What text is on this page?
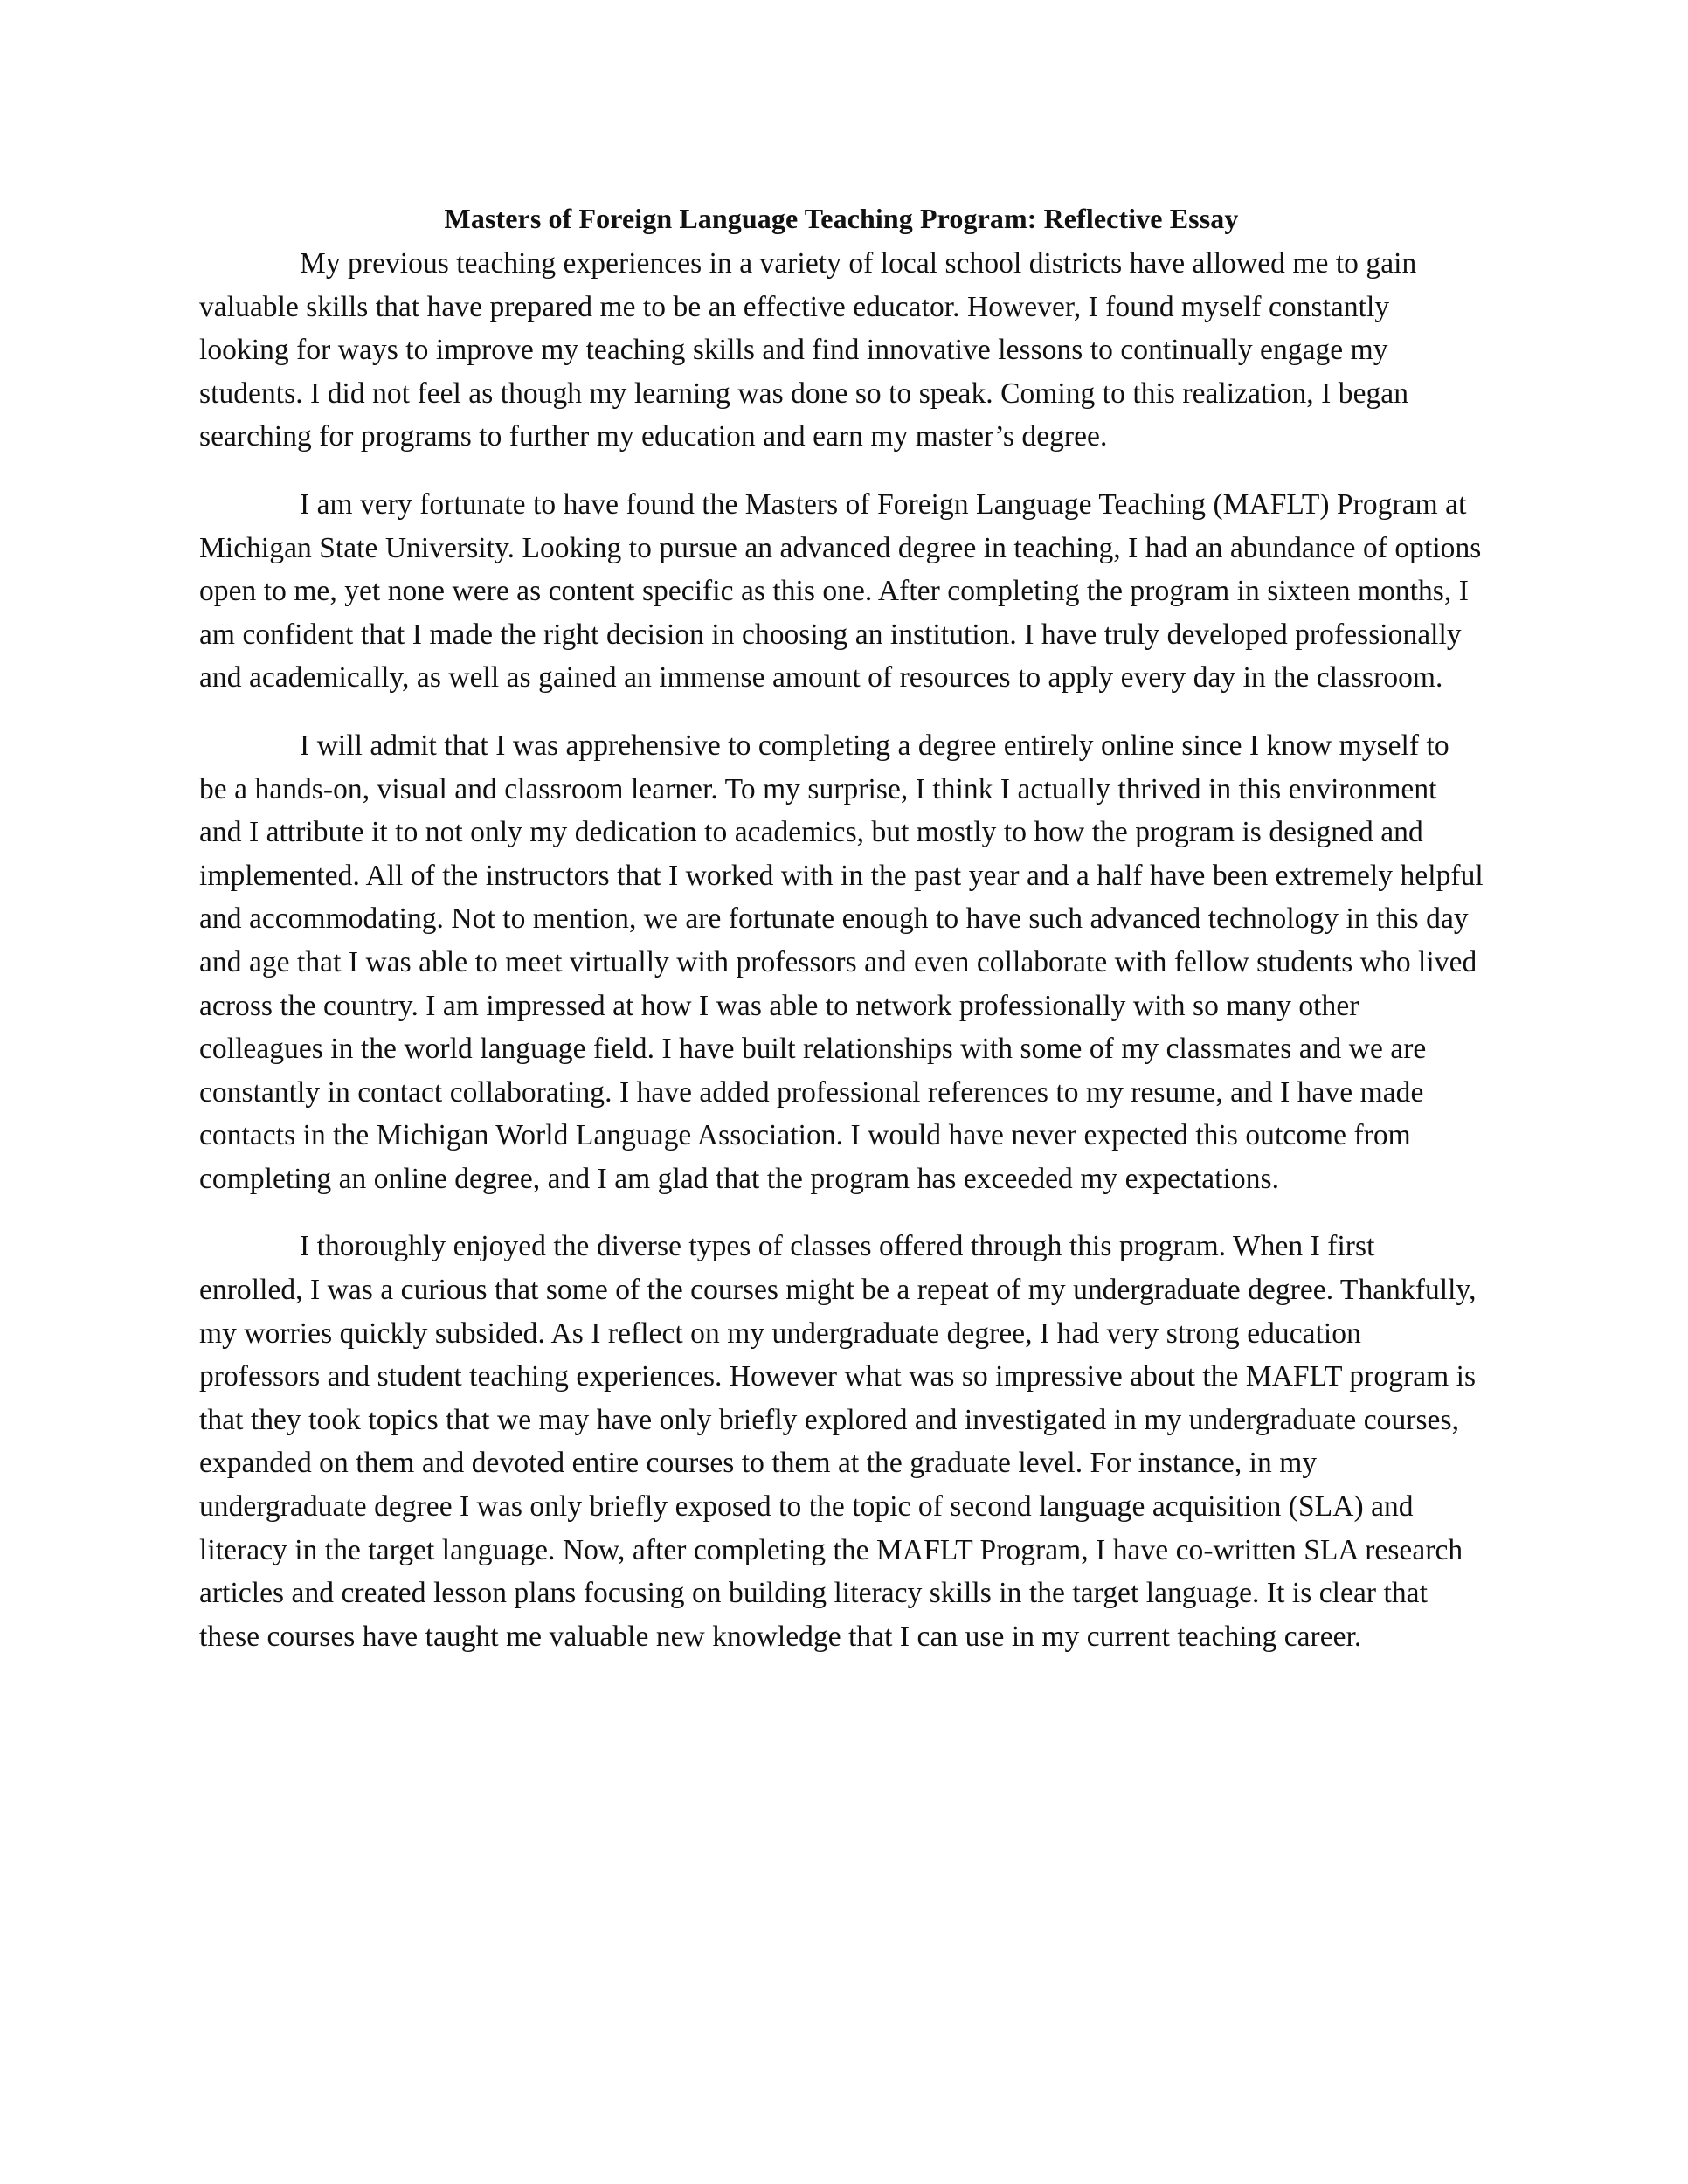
Masters of Foreign Language Teaching Program: Reflective Essay

My previous teaching experiences in a variety of local school districts have allowed me to gain valuable skills that have prepared me to be an effective educator. However, I found myself constantly looking for ways to improve my teaching skills and find innovative lessons to continually engage my students. I did not feel as though my learning was done so to speak. Coming to this realization, I began searching for programs to further my education and earn my master’s degree.

I am very fortunate to have found the Masters of Foreign Language Teaching (MAFLT) Program at Michigan State University. Looking to pursue an advanced degree in teaching, I had an abundance of options open to me, yet none were as content specific as this one. After completing the program in sixteen months, I am confident that I made the right decision in choosing an institution. I have truly developed professionally and academically, as well as gained an immense amount of resources to apply every day in the classroom.

I will admit that I was apprehensive to completing a degree entirely online since I know myself to be a hands-on, visual and classroom learner. To my surprise, I think I actually thrived in this environment and I attribute it to not only my dedication to academics, but mostly to how the program is designed and implemented. All of the instructors that I worked with in the past year and a half have been extremely helpful and accommodating. Not to mention, we are fortunate enough to have such advanced technology in this day and age that I was able to meet virtually with professors and even collaborate with fellow students who lived across the country. I am impressed at how I was able to network professionally with so many other colleagues in the world language field. I have built relationships with some of my classmates and we are constantly in contact collaborating. I have added professional references to my resume, and I have made contacts in the Michigan World Language Association. I would have never expected this outcome from completing an online degree, and I am glad that the program has exceeded my expectations.

I thoroughly enjoyed the diverse types of classes offered through this program. When I first enrolled, I was a curious that some of the courses might be a repeat of my undergraduate degree. Thankfully, my worries quickly subsided. As I reflect on my undergraduate degree, I had very strong education professors and student teaching experiences. However what was so impressive about the MAFLT program is that they took topics that we may have only briefly explored and investigated in my undergraduate courses, expanded on them and devoted entire courses to them at the graduate level. For instance, in my undergraduate degree I was only briefly exposed to the topic of second language acquisition (SLA) and literacy in the target language. Now, after completing the MAFLT Program, I have co-written SLA research articles and created lesson plans focusing on building literacy skills in the target language. It is clear that these courses have taught me valuable new knowledge that I can use in my current teaching career.
